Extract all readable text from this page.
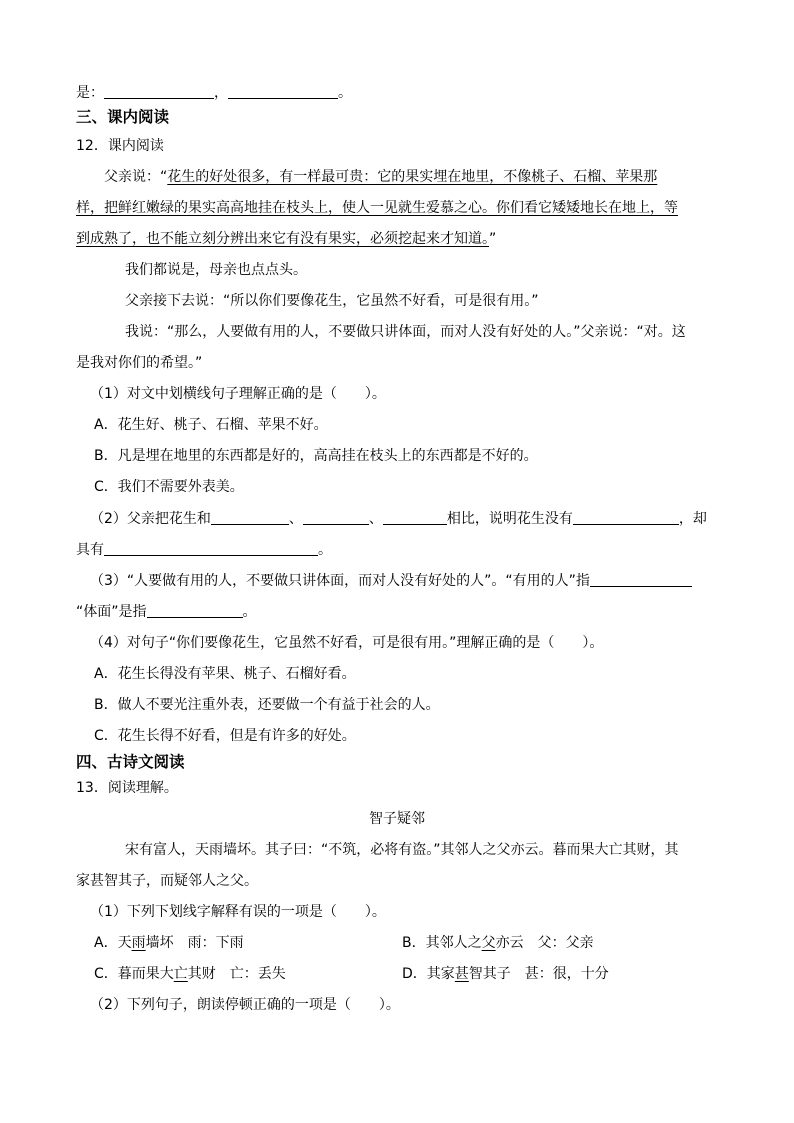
是：	，	。
三、课内阅读
12．课内阅读
父亲说：“花生的好处很多，有一样最可贵：它的果实埋在地里，不像桃子、石榴、苹果那
样，把鲜红嫩绿的果实高高地挂在枝头上，使人一见就生爱慕之心。你们看它矮矮地长在地上，等
到成熟了，也不能立刻分辨出来它有没有果实，必须挖起来才知道。”
我们都说是，母亲也点点头。
父亲接下去说：“所以你们要像花生，它虽然不好看，可是很有用。”
我说：“那么，人要做有用的人，不要做只讲体面，而对人没有好处的人。”父亲说：“对。这
是我对你们的希望。”
（1）对文中划横线句子理解正确的是（　　）。
A．花生好、桃子、石榴、苹果不好。
B．凡是埋在地里的东西都是好的，高高挂在枝头上的东西都是不好的。
C．我们不需要外表美。
（2）父亲把花生和	、	、	相比，说明花生没有	，却
具有	。
（3）“人要做有用的人，不要做只讲体面，而对人没有好处的人”。“有用的人”指
“体面”是指	。
（4）对句子“你们要像花生，它虽然不好看，可是很有用。”理解正确的是（　　）。
A．花生长得没有苹果、桃子、石榴好看。
B．做人不要光注重外表，还要做一个有益于社会的人。
C．花生长得不好看，但是有许多的好处。
四、古诗文阅读
13．阅读理解。
智子疑邻
宋有富人，天雨墙坏。其子曰：“不筑，必将有盗。”其邻人之父亦云。暮而果大亡其财，其
家甚智其子，而疑邻人之父。
（1）下列下划线字解释有误的一项是（　　）。
A．天雨墙坏　雨：下雨	B．其邻人之父亦云　父：父亲
C．暮而果大亡其财　亡：丢失	D．其家甚智其子　甚：很，十分
（2）下列句子，朗读停顿正确的一项是（　　）。
